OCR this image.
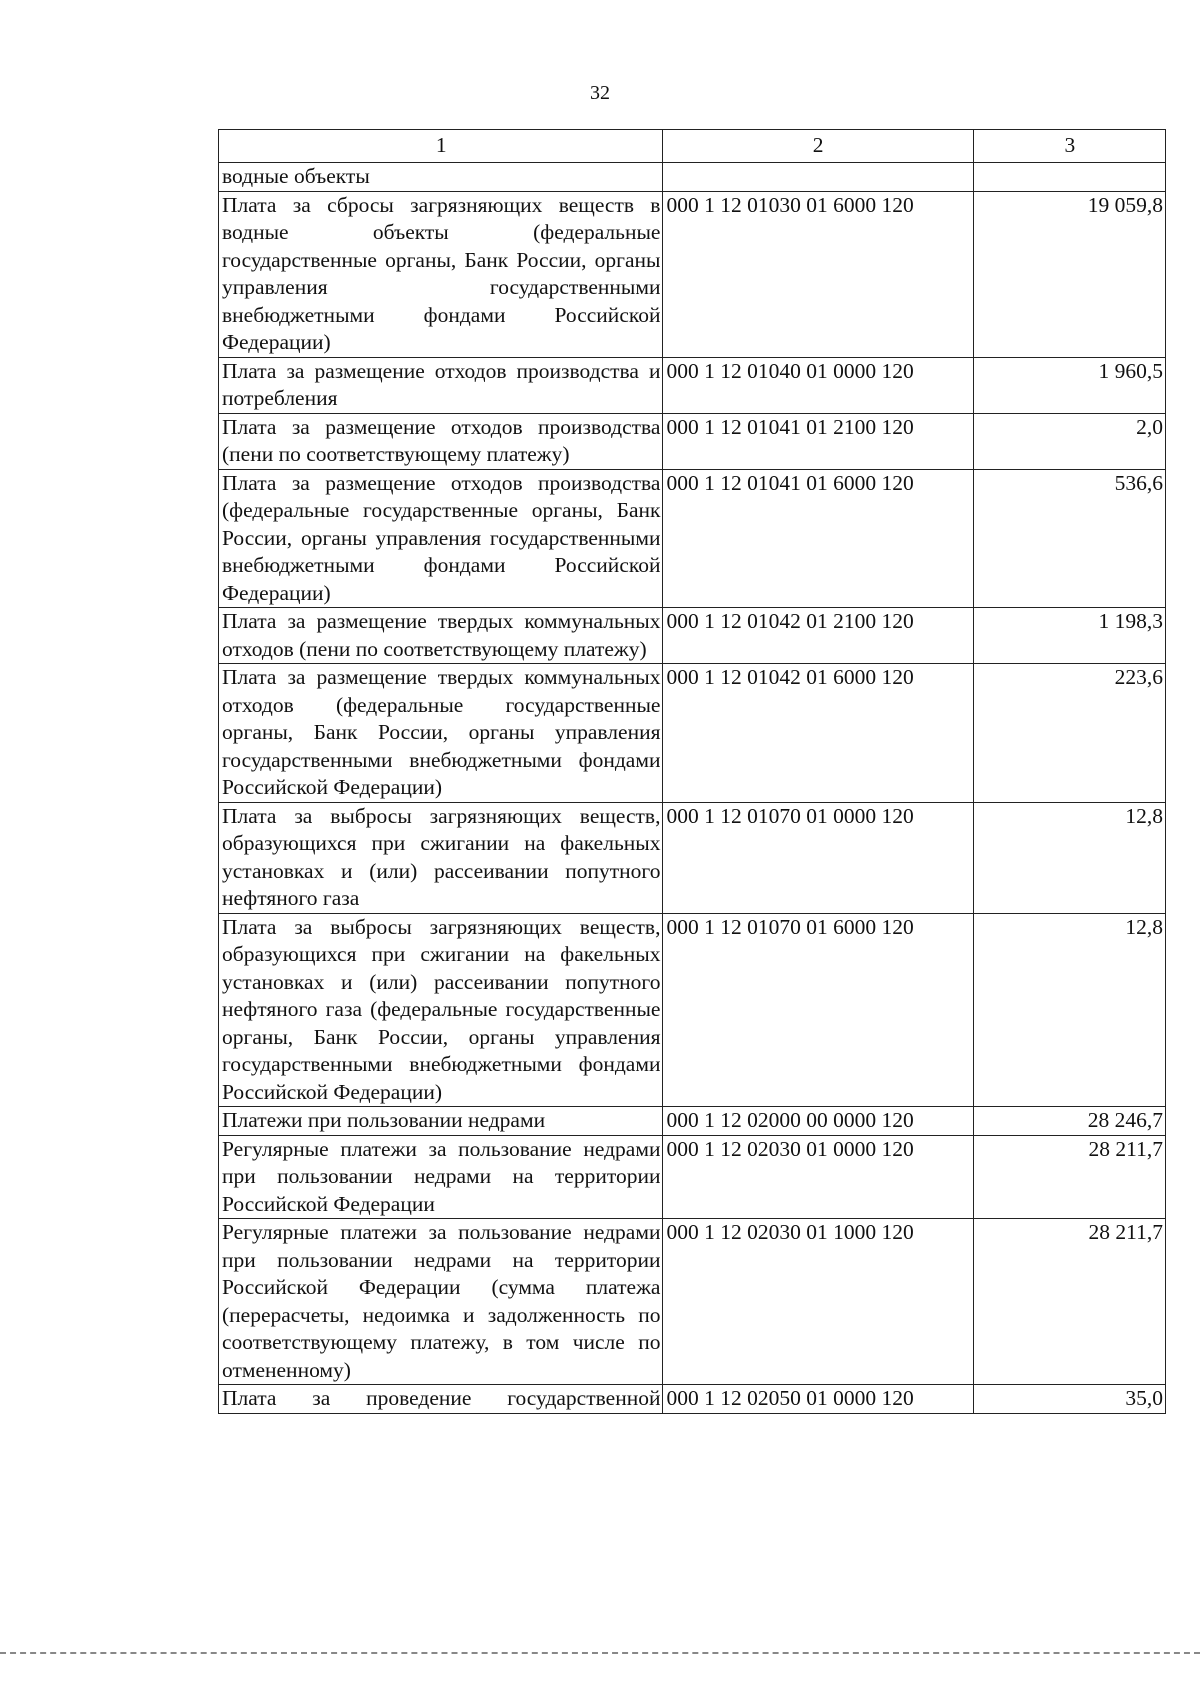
32
1	2	3
водные объекты		
Плата за сбросы загрязняющих веществ в водные объекты (федеральные государственные органы, Банк России, органы управления государственными внебюджетными фондами Российской Федерации)	000 1 12 01030 01 6000 120	19 059,8
Плата за размещение отходов производства и потребления	000 1 12 01040 01 0000 120	1 960,5
Плата за размещение отходов производства (пени по соответствующему платежу)	000 1 12 01041 01 2100 120	2,0
Плата за размещение отходов производства (федеральные государственные органы, Банк России, органы управления государственными внебюджетными фондами Российской Федерации)	000 1 12 01041 01 6000 120	536,6
Плата за размещение твердых коммунальных отходов (пени по соответствующему платежу)	000 1 12 01042 01 2100 120	1 198,3
Плата за размещение твердых коммунальных отходов (федеральные государственные органы, Банк России, органы управления государственными внебюджетными фондами Российской Федерации)	000 1 12 01042 01 6000 120	223,6
Плата за выбросы загрязняющих веществ, образующихся при сжигании на факельных установках и (или) рассеивании попутного нефтяного газа	000 1 12 01070 01 0000 120	12,8
Плата за выбросы загрязняющих веществ, образующихся при сжигании на факельных установках и (или) рассеивании попутного нефтяного газа (федеральные государственные органы, Банк России, органы управления государственными внебюджетными фондами Российской Федерации)	000 1 12 01070 01 6000 120	12,8
Платежи при пользовании недрами	000 1 12 02000 00 0000 120	28 246,7
Регулярные платежи за пользование недрами при пользовании недрами на территории Российской Федерации	000 1 12 02030 01 0000 120	28 211,7
Регулярные платежи за пользование недрами при пользовании недрами на территории Российской Федерации (сумма платежа (перерасчеты, недоимка и задолженность по соответствующему платежу, в том числе по отмененному)	000 1 12 02030 01 1000 120	28 211,7
Плата за проведение государственной	000 1 12 02050 01 0000 120	35,0
